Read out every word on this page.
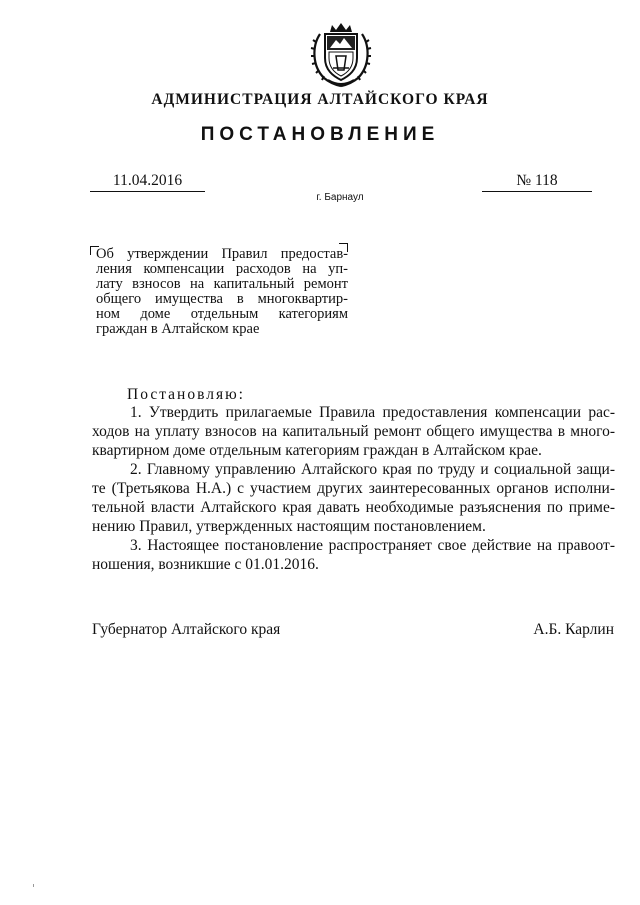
АДМИНИСТРАЦИЯ АЛТАЙСКОГО КРАЯ
ПОСТАНОВЛЕНИЕ
11.04.2016	№ 118
г. Барнаул
Об утверждении Правил предостав-
ления компенсации расходов на уп-
лату взносов на капитальный ремонт
общего имущества в многоквартир-
ном доме отдельным категориям
граждан в Алтайском крае
Постановляю:
1. Утвердить прилагаемые Правила предоставления компенсации рас-
ходов на уплату взносов на капитальный ремонт общего имущества в много-
квартирном доме отдельным категориям граждан в Алтайском крае.
2. Главному управлению Алтайского края по труду и социальной защи-
те (Третьякова Н.А.) с участием других заинтересованных органов исполни-
тельной власти Алтайского края давать необходимые разъяснения по приме-
нению Правил, утвержденных настоящим постановлением.
3. Настоящее постановление распространяет свое действие на правоот-
ношения, возникшие с 01.01.2016.
Губернатор Алтайского края	А.Б. Карлин
